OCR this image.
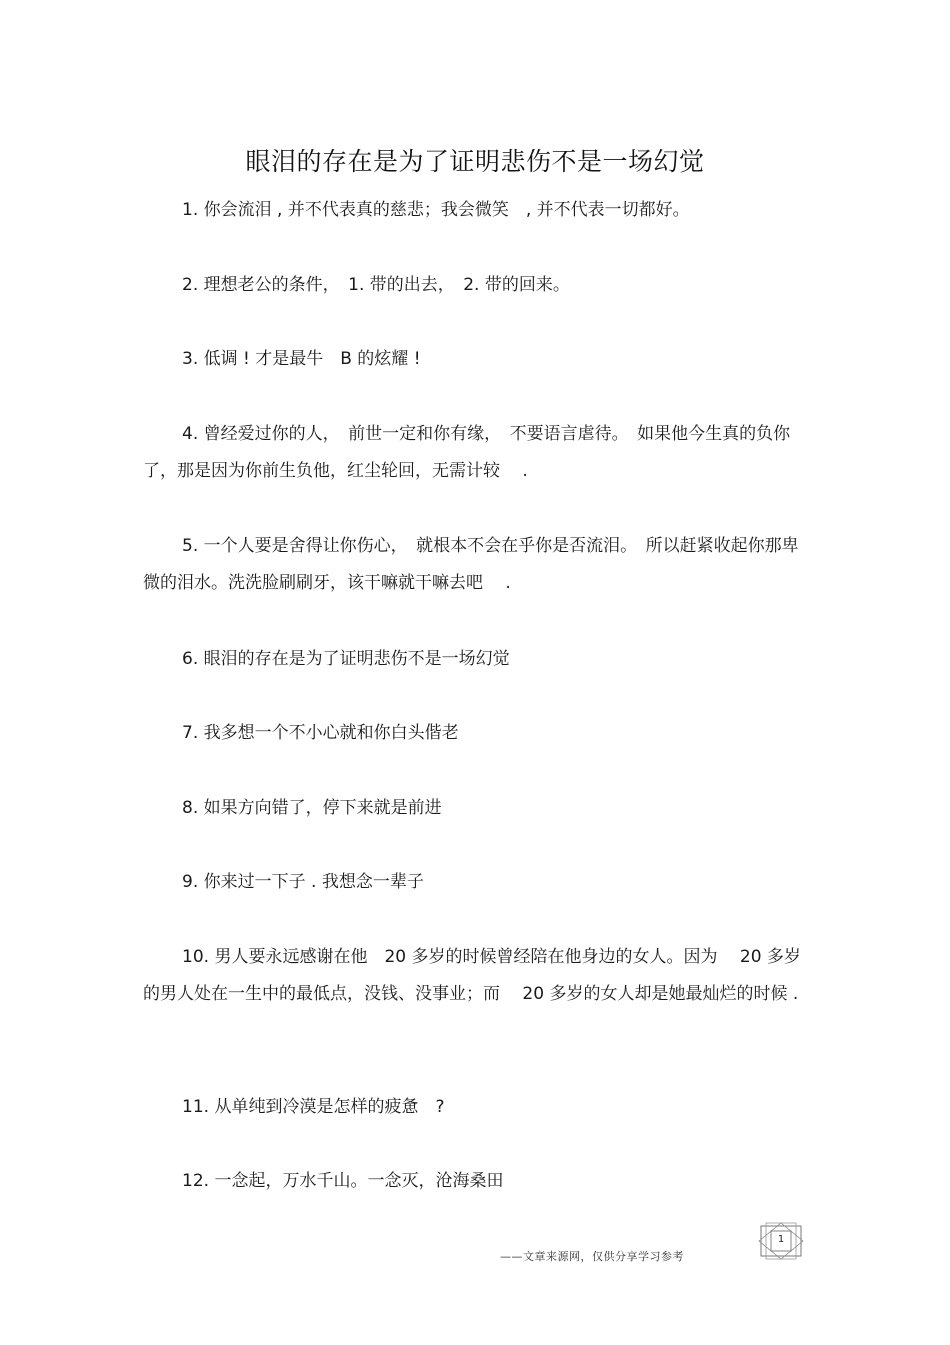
眼泪的存在是为了证明悲伤不是一场幻觉
1. 你会流泪 , 并不代表真的慈悲；我会微笑　, 并不代表一切都好。
2. 理想老公的条件，　1. 带的出去，　2. 带的回来。
3. 低调 ! 才是最牛　B 的炫耀 !
4. 曾经爱过你的人，　前世一定和你有缘，　不要语言虐待。　如果他今生真的负你了，那是因为你前生负他，红尘轮回，无需计较　 .
5. 一个人要是舍得让你伤心，　就根本不会在乎你是否流泪。　所以赶紧收起你那卑微的泪水。洗洗脸刷刷牙，该干嘛就干嘛去吧　 .
6. 眼泪的存在是为了证明悲伤不是一场幻觉
7. 我多想一个不小心就和你白头偕老
8. 如果方向错了，停下来就是前进
9. 你来过一下子 . 我想念一辈子
10. 男人要永远感谢在他　20 多岁的时候曾经陪在他身边的女人。因为　 20 多岁的男人处在一生中的最低点，没钱、没事业；而　 20 多岁的女人却是她最灿烂的时候 .
11. 从单纯到冷漠是怎样的疲惫　?
12. 一念起，万水千山。一念灭，沧海桑田
——文章来源网，仅供分享学习参考
1
